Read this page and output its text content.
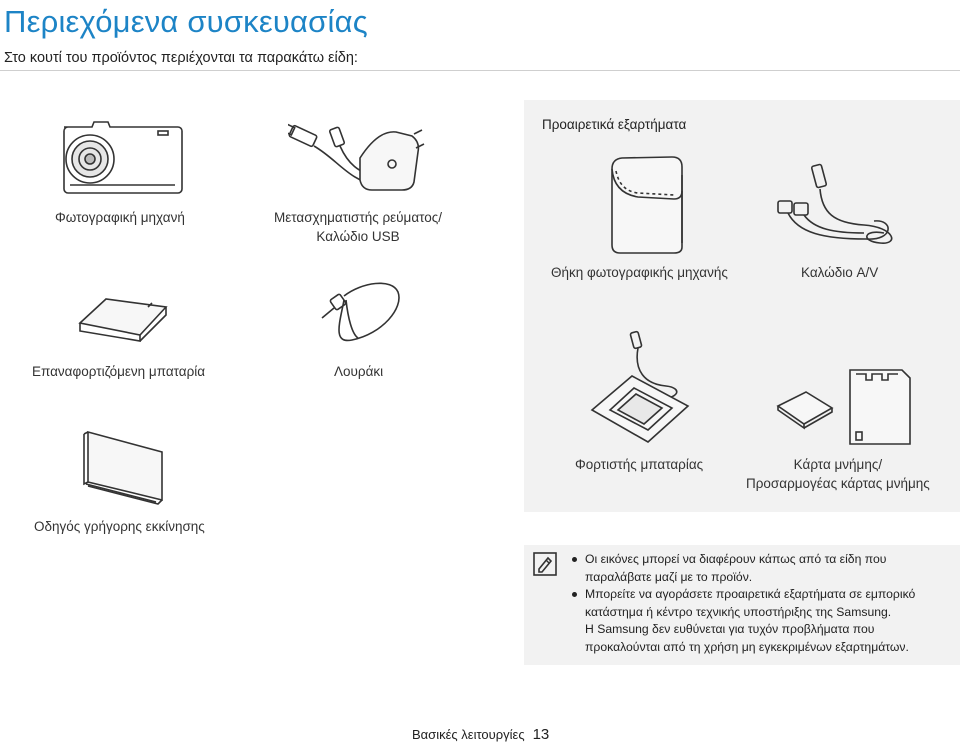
Περιεχόμενα συσκευασίας
Στο κουτί του προϊόντος περιέχονται τα παρακάτω είδη:
Προαιρετικά εξαρτήματα
Φωτογραφική μηχανή	Μετασχηματιστής ρεύματος/
Καλώδιο USB
Θήκη φωτογραφικής μηχανής	Καλώδιο A/V
Επαναφορτιζόμενη μπαταρία	Λουράκι
Φορτιστής μπαταρίας	Κάρτα μνήμης/
Προσαρμογέας κάρτας μνήμης
Οδηγός γρήγορης εκκίνησης
Οι εικόνες μπορεί να διαφέρουν κάπως από τα είδη που
παραλάβατε μαζί με το προϊόν.
Μπορείτε να αγοράσετε προαιρετικά εξαρτήματα σε εμπορικό
κατάστημα ή κέντρο τεχνικής υποστήριξης της Samsung.
Η Samsung δεν ευθύνεται για τυχόν προβλήματα που
προκαλούνται από τη χρήση μη εγκεκριμένων εξαρτημάτων.
Βασικές λειτουργίες 13
